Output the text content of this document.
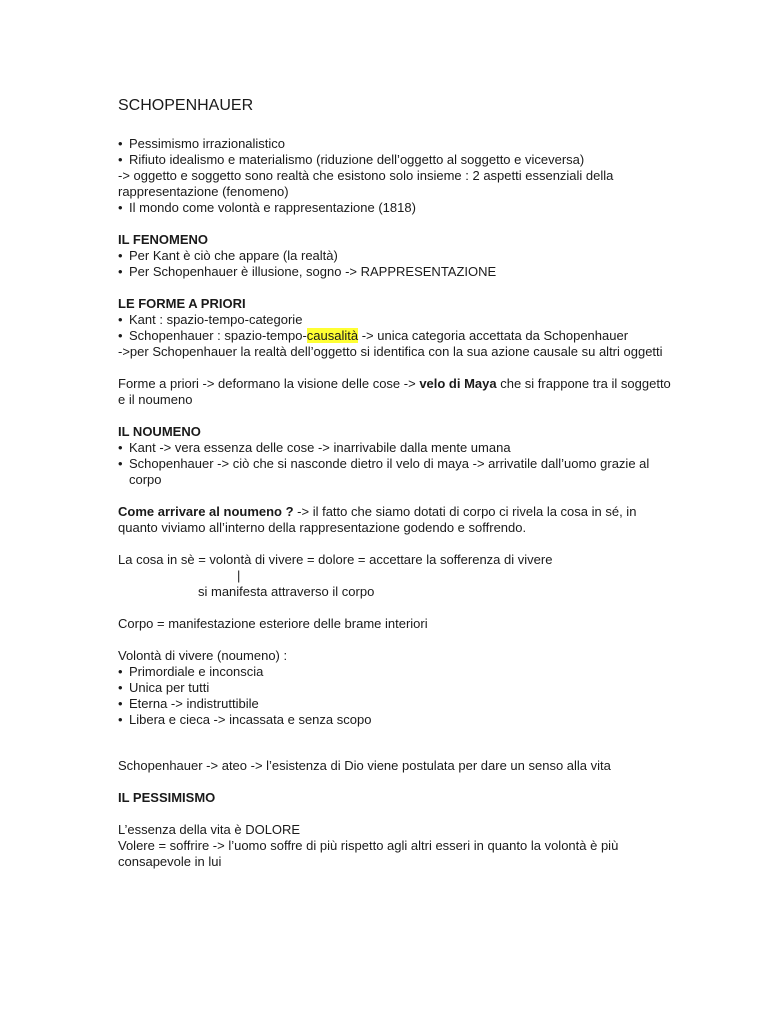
SCHOPENHAUER
• Pessimismo irrazionalistico
• Rifiuto idealismo e materialismo (riduzione dell’oggetto al soggetto e viceversa)

-> oggetto e soggetto sono realtà che esistono solo insieme : 2 aspetti essenziali della rappresentazione (fenomeno)

• Il mondo come volontà e rappresentazione (1818)

IL FENOMENO

• Per Kant è ciò che appare (la realtà)
• Per Schopenhauer è illusione, sogno -> RAPPRESENTAZIONE

LE FORME A PRIORI

• Kant : spazio-tempo-categorie
• Schopenhauer : spazio-tempo-causalità -> unica categoria accettata da Schopenhauer

->per Schopenhauer la realtà dell’oggetto si identifica con la sua azione causale su altri oggetti

Forme a priori -> deformano la visione delle cose -> velo di Maya che si frappone tra il soggetto e il noumeno

IL NOUMENO

• Kant -> vera essenza delle cose -> inarrivabile dalla mente umana
• Schopenhauer -> ciò che si nasconde dietro il velo di maya -> arrivatile dall’uomo grazie al corpo

Come arrivare al noumeno ? -> il fatto che siamo dotati di corpo ci rivela la cosa in sé, in quanto viviamo all’interno della rappresentazione godendo e soffrendo.

La cosa in sè = volontà di vivere = dolore = accettare la sofferenza di vivere

|

si manifesta attraverso il corpo

Corpo = manifestazione esteriore delle brame interiori

Volontà di vivere (noumeno) :

• Primordiale e inconscia
• Unica per tutti
• Eterna -> indistruttibile
• Libera e cieca -> incassata e senza scopo

Schopenhauer -> ateo -> l’esistenza di Dio viene postulata per dare un senso alla vita

IL PESSIMISMO

L’essenza della vita è DOLORE

Volere = soffrire -> l’uomo soffre di più rispetto agli altri esseri in quanto la volontà è più consapevole in lui
